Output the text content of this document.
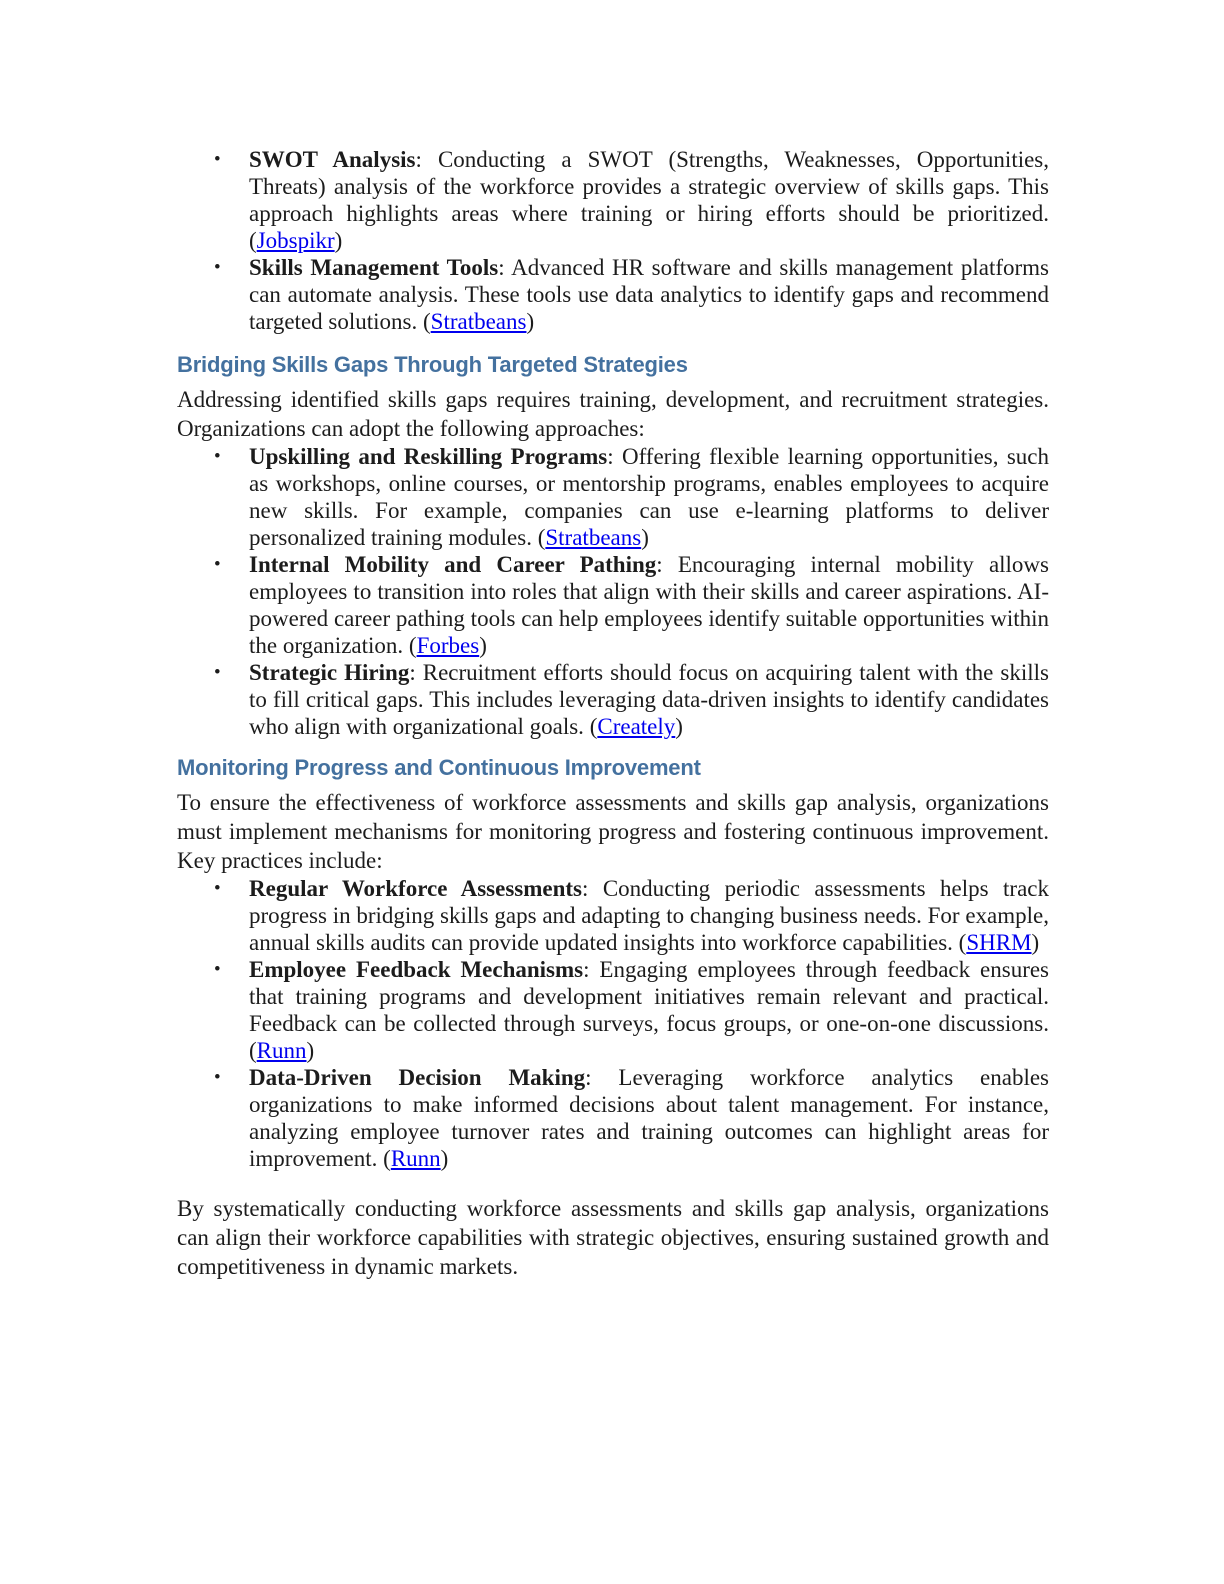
• SWOT Analysis: Conducting a SWOT (Strengths, Weaknesses, Opportunities, Threats) analysis of the workforce provides a strategic overview of skills gaps. This approach highlights areas where training or hiring efforts should be prioritized. (Jobspikr)
• Skills Management Tools: Advanced HR software and skills management platforms can automate analysis. These tools use data analytics to identify gaps and recommend targeted solutions. (Stratbeans)
Bridging Skills Gaps Through Targeted Strategies

Addressing identified skills gaps requires training, development, and recruitment strategies. Organizations can adopt the following approaches:

• Upskilling and Reskilling Programs: Offering flexible learning opportunities, such as workshops, online courses, or mentorship programs, enables employees to acquire new skills. For example, companies can use e-learning platforms to deliver personalized training modules. (Stratbeans)
• Internal Mobility and Career Pathing: Encouraging internal mobility allows employees to transition into roles that align with their skills and career aspirations. AI-powered career pathing tools can help employees identify suitable opportunities within the organization. (Forbes)
• Strategic Hiring: Recruitment efforts should focus on acquiring talent with the skills to fill critical gaps. This includes leveraging data-driven insights to identify candidates who align with organizational goals. (Creately)
Monitoring Progress and Continuous Improvement

To ensure the effectiveness of workforce assessments and skills gap analysis, organizations must implement mechanisms for monitoring progress and fostering continuous improvement. Key practices include:

• Regular Workforce Assessments: Conducting periodic assessments helps track progress in bridging skills gaps and adapting to changing business needs. For example, annual skills audits can provide updated insights into workforce capabilities. (SHRM)
• Employee Feedback Mechanisms: Engaging employees through feedback ensures that training programs and development initiatives remain relevant and practical. Feedback can be collected through surveys, focus groups, or one-on-one discussions. (Runn)
• Data-Driven Decision Making: Leveraging workforce analytics enables organizations to make informed decisions about talent management. For instance, analyzing employee turnover rates and training outcomes can highlight areas for improvement. (Runn)

By systematically conducting workforce assessments and skills gap analysis, organizations can align their workforce capabilities with strategic objectives, ensuring sustained growth and competitiveness in dynamic markets.
